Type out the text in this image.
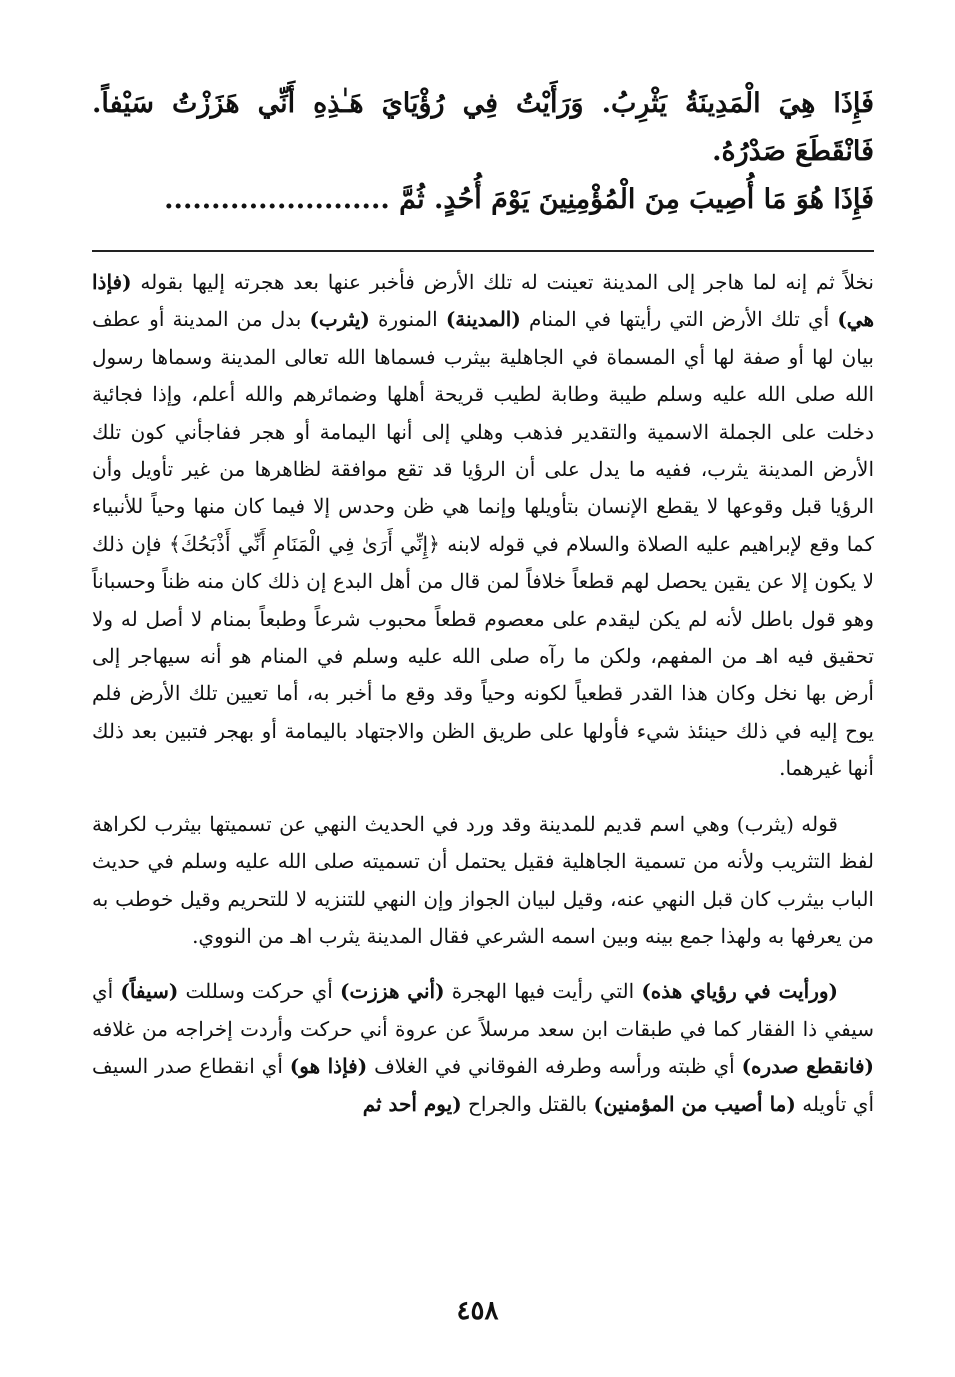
فَإِذَا هِيَ الْمَدِينَةُ يَثْرِبُ. وَرَأَيْتُ فِي رُؤْيَايَ هَـٰذِهِ أَنِّي هَزَزْتُ سَيْفاً. فَانْقَطَعَ صَدْرُهُ.

فَإِذَا هُوَ مَا أُصِيبَ مِنَ الْمُؤْمِنِينَ يَوْمَ أُحُدٍ. ثُمَّ ........................

نخلاً ثم إنه لما هاجر إلى المدينة تعينت له تلك الأرض فأخبر عنها بعد هجرته إليها بقوله (فإذا هي) أي تلك الأرض التي رأيتها في المنام (المدينة) المنورة (يثرب) بدل من المدينة أو عطف بيان لها أو صفة لها أي المسماة في الجاهلية بيثرب فسماها الله تعالى المدينة وسماها رسول الله صلى الله عليه وسلم طيبة وطابة لطيب قريحة أهلها وضمائرهم والله أعلم، وإذا فجائية دخلت على الجملة الاسمية والتقدير فذهب وهلي إلى أنها اليمامة أو هجر ففاجأني كون تلك الأرض المدينة يثرب، ففيه ما يدل على أن الرؤيا قد تقع موافقة لظاهرها من غير تأويل وأن الرؤيا قبل وقوعها لا يقطع الإنسان بتأويلها وإنما هي ظن وحدس إلا فيما كان منها وحياً للأنبياء كما وقع لإبراهيم عليه الصلاة والسلام في قوله لابنه ﴿إِنِّي أَرَىٰ فِي الْمَنَامِ أَنِّي أَذْبَحُكَ﴾ فإن ذلك لا يكون إلا عن يقين يحصل لهم قطعاً خلافاً لمن قال من أهل البدع إن ذلك كان منه ظناً وحسباناً وهو قول باطل لأنه لم يكن ليقدم على معصوم قطعاً محبوب شرعاً وطبعاً بمنام لا أصل له ولا تحقيق فيه اهـ من المفهم، ولكن ما رآه صلى الله عليه وسلم في المنام هو أنه سيهاجر إلى أرض بها نخل وكان هذا القدر قطعياً لكونه وحياً وقد وقع ما أخبر به، أما تعيين تلك الأرض فلم يوح إليه في ذلك حينئذ شيء فأولها على طريق الظن والاجتهاد باليمامة أو بهجر فتبين بعد ذلك أنها غيرهما.

قوله (يثرب) وهي اسم قديم للمدينة وقد ورد في الحديث النهي عن تسميتها بيثرب لكراهة لفظ التثريب ولأنه من تسمية الجاهلية فقيل يحتمل أن تسميته صلى الله عليه وسلم في حديث الباب بيثرب كان قبل النهي عنه، وقيل لبيان الجواز وإن النهي للتنزيه لا للتحريم وقيل خوطب به من يعرفها به ولهذا جمع بينه وبين اسمه الشرعي فقال المدينة يثرب اهـ من النووي.

(ورأيت في رؤياي هذه) التي رأيت فيها الهجرة (أني هززت) أي حركت وسللت (سيفاً) أي سيفي ذا الفقار كما في طبقات ابن سعد مرسلاً عن عروة أني حركت وأردت إخراجه من غلافه (فانقطع صدره) أي ظبته ورأسه وطرفه الفوقاني في الغلاف (فإذا هو) أي انقطاع صدر السيف أي تأويله (ما أصيب من المؤمنين) بالقتل والجراح (يوم أحد ثم

٤٥٨
